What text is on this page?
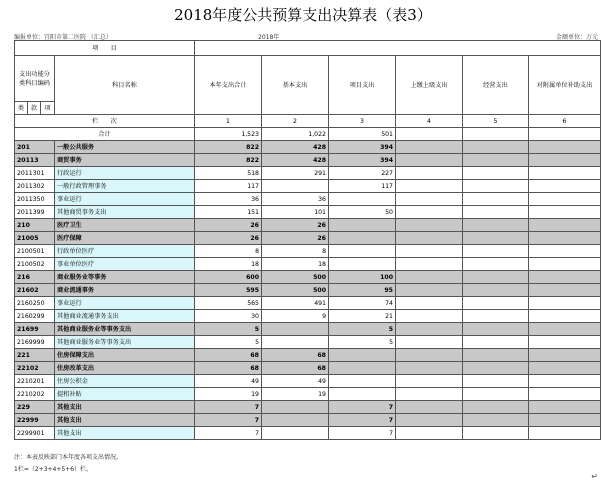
2018年度公共预算支出决算表（表3）
编报单位：宜阳市第二医院 （汇总）	2018年	金额单位：万元
项　　目									
支出功能分类科目编码			科目名称	本年支出合计	基本支出	项目支出	上缴上级支出	经营支出	对附属单位补助支出
类	款	项							
栏　　次				1	2	3	4	5	6
合计				1,523	1,022	501			
201			一般公共服务	822	428	394			
20113			商贸事务	822	428	394			
2011301			行政运行	518	291	227			
2011302			一般行政管理事务	117		117			
2011350			事业运行	36	36				
2011399			其他商贸事务支出	151	101	50			
210			医疗卫生	26	26				
21005			医疗保障	26	26				
2100501			行政单位医疗	8	8				
2100502			事业单位医疗	18	18				
216			商业服务业等事务	600	500	100			
21602			商业流通事务	595	500	95			
2160250			事业运行	565	491	74			
2160299			其他商业流通事务支出	30	9	21			
21699			其他商业服务业等事务支出	5		5			
2169999			其他商业服务业等事务支出	5		5			
221			住房保障支出	68	68				
22102			住房改革支出	68	68				
2210201			住房公积金	49	49				
2210202			提租补贴	19	19				
229			其他支出	7		7			
22999			其他支出	7		7			
2299901			其他支出	7		7			
注：本表反映部门本年度各项支出情况。
1栏=（2+3+4+5+6）栏。
↵
